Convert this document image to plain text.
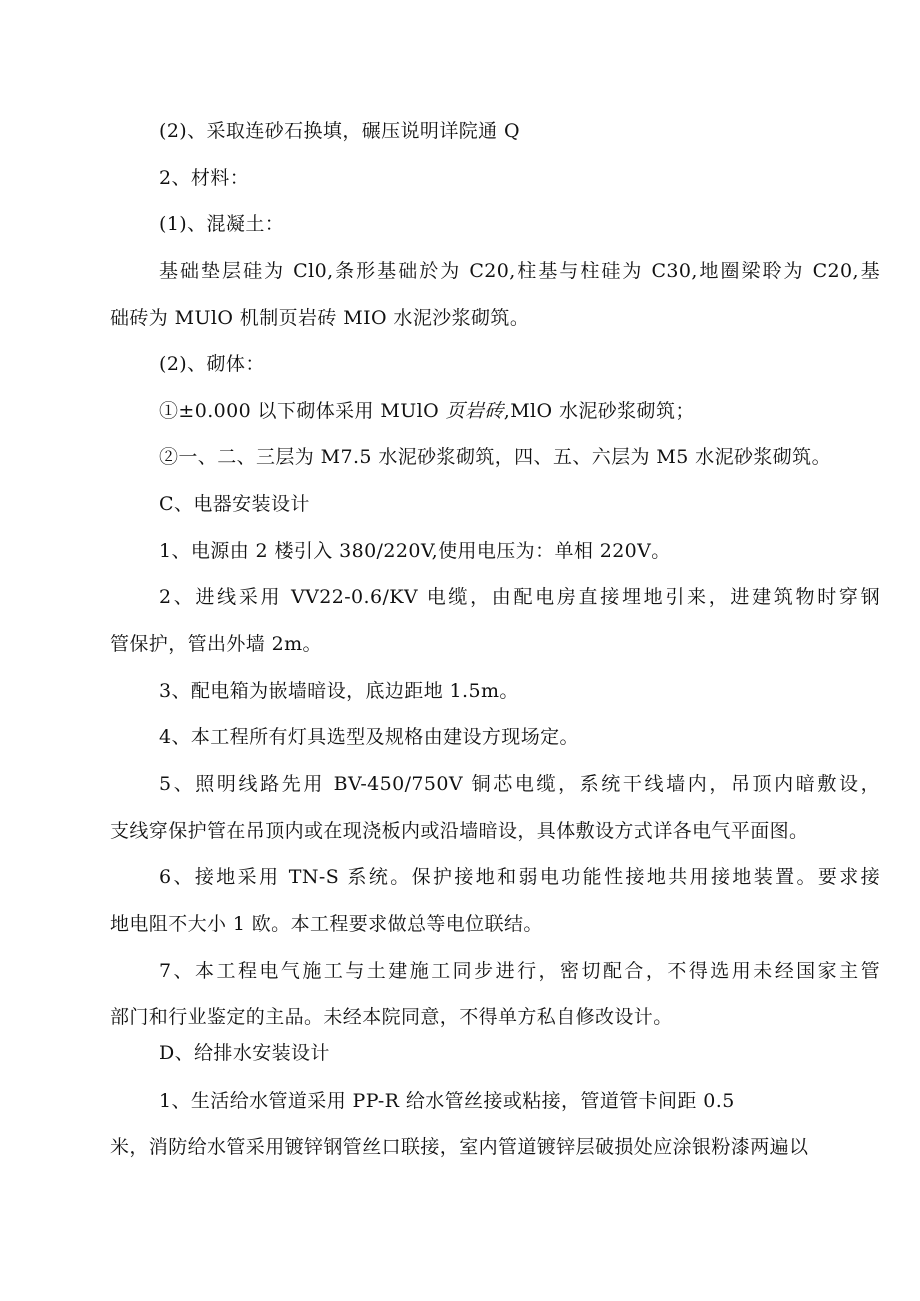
(2)、采取连砂石换填，碾压说明详院通 Q
2、材料：
(1)、混凝土：
基础垫层硅为 Cl0,条形基础於为 C20,柱基与柱硅为 C30,地圈梁聆为 C20,基
础砖为 MUlO 机制页岩砖 MIO 水泥沙浆砌筑。
(2)、砌体：
①±0.000 以下砌体采用 MUlO 页岩砖,MlO 水泥砂浆砌筑；
②一、二、三层为 M7.5 水泥砂浆砌筑，四、五、六层为 M5 水泥砂浆砌筑。
C、电器安装设计
1、电源由 2 楼引入 380/220V,使用电压为：单相 220V。
2、进线采用 VV22-0.6/KV 电缆，由配电房直接埋地引来，进建筑物时穿钢
管保护，管出外墙 2m。
3、配电箱为嵌墙暗设，底边距地 1.5m。
4、本工程所有灯具选型及规格由建设方现场定。
5、照明线路先用 BV-450/750V 铜芯电缆，系统干线墙内，吊顶内暗敷设，
支线穿保护管在吊顶内或在现浇板内或沿墙暗设，具体敷设方式详各电气平面图。
6、接地采用 TN-S 系统。保护接地和弱电功能性接地共用接地装置。要求接
地电阻不大小 1 欧。本工程要求做总等电位联结。
7、本工程电气施工与土建施工同步进行，密切配合，不得选用未经国家主管
部门和行业鉴定的主品。未经本院同意，不得单方私自修改设计。
D、给排水安装设计
1、生活给水管道采用 PP-R 给水管丝接或粘接，管道管卡间距 0.5
米，消防给水管采用镀锌钢管丝口联接，室内管道镀锌层破损处应涂银粉漆两遍以
